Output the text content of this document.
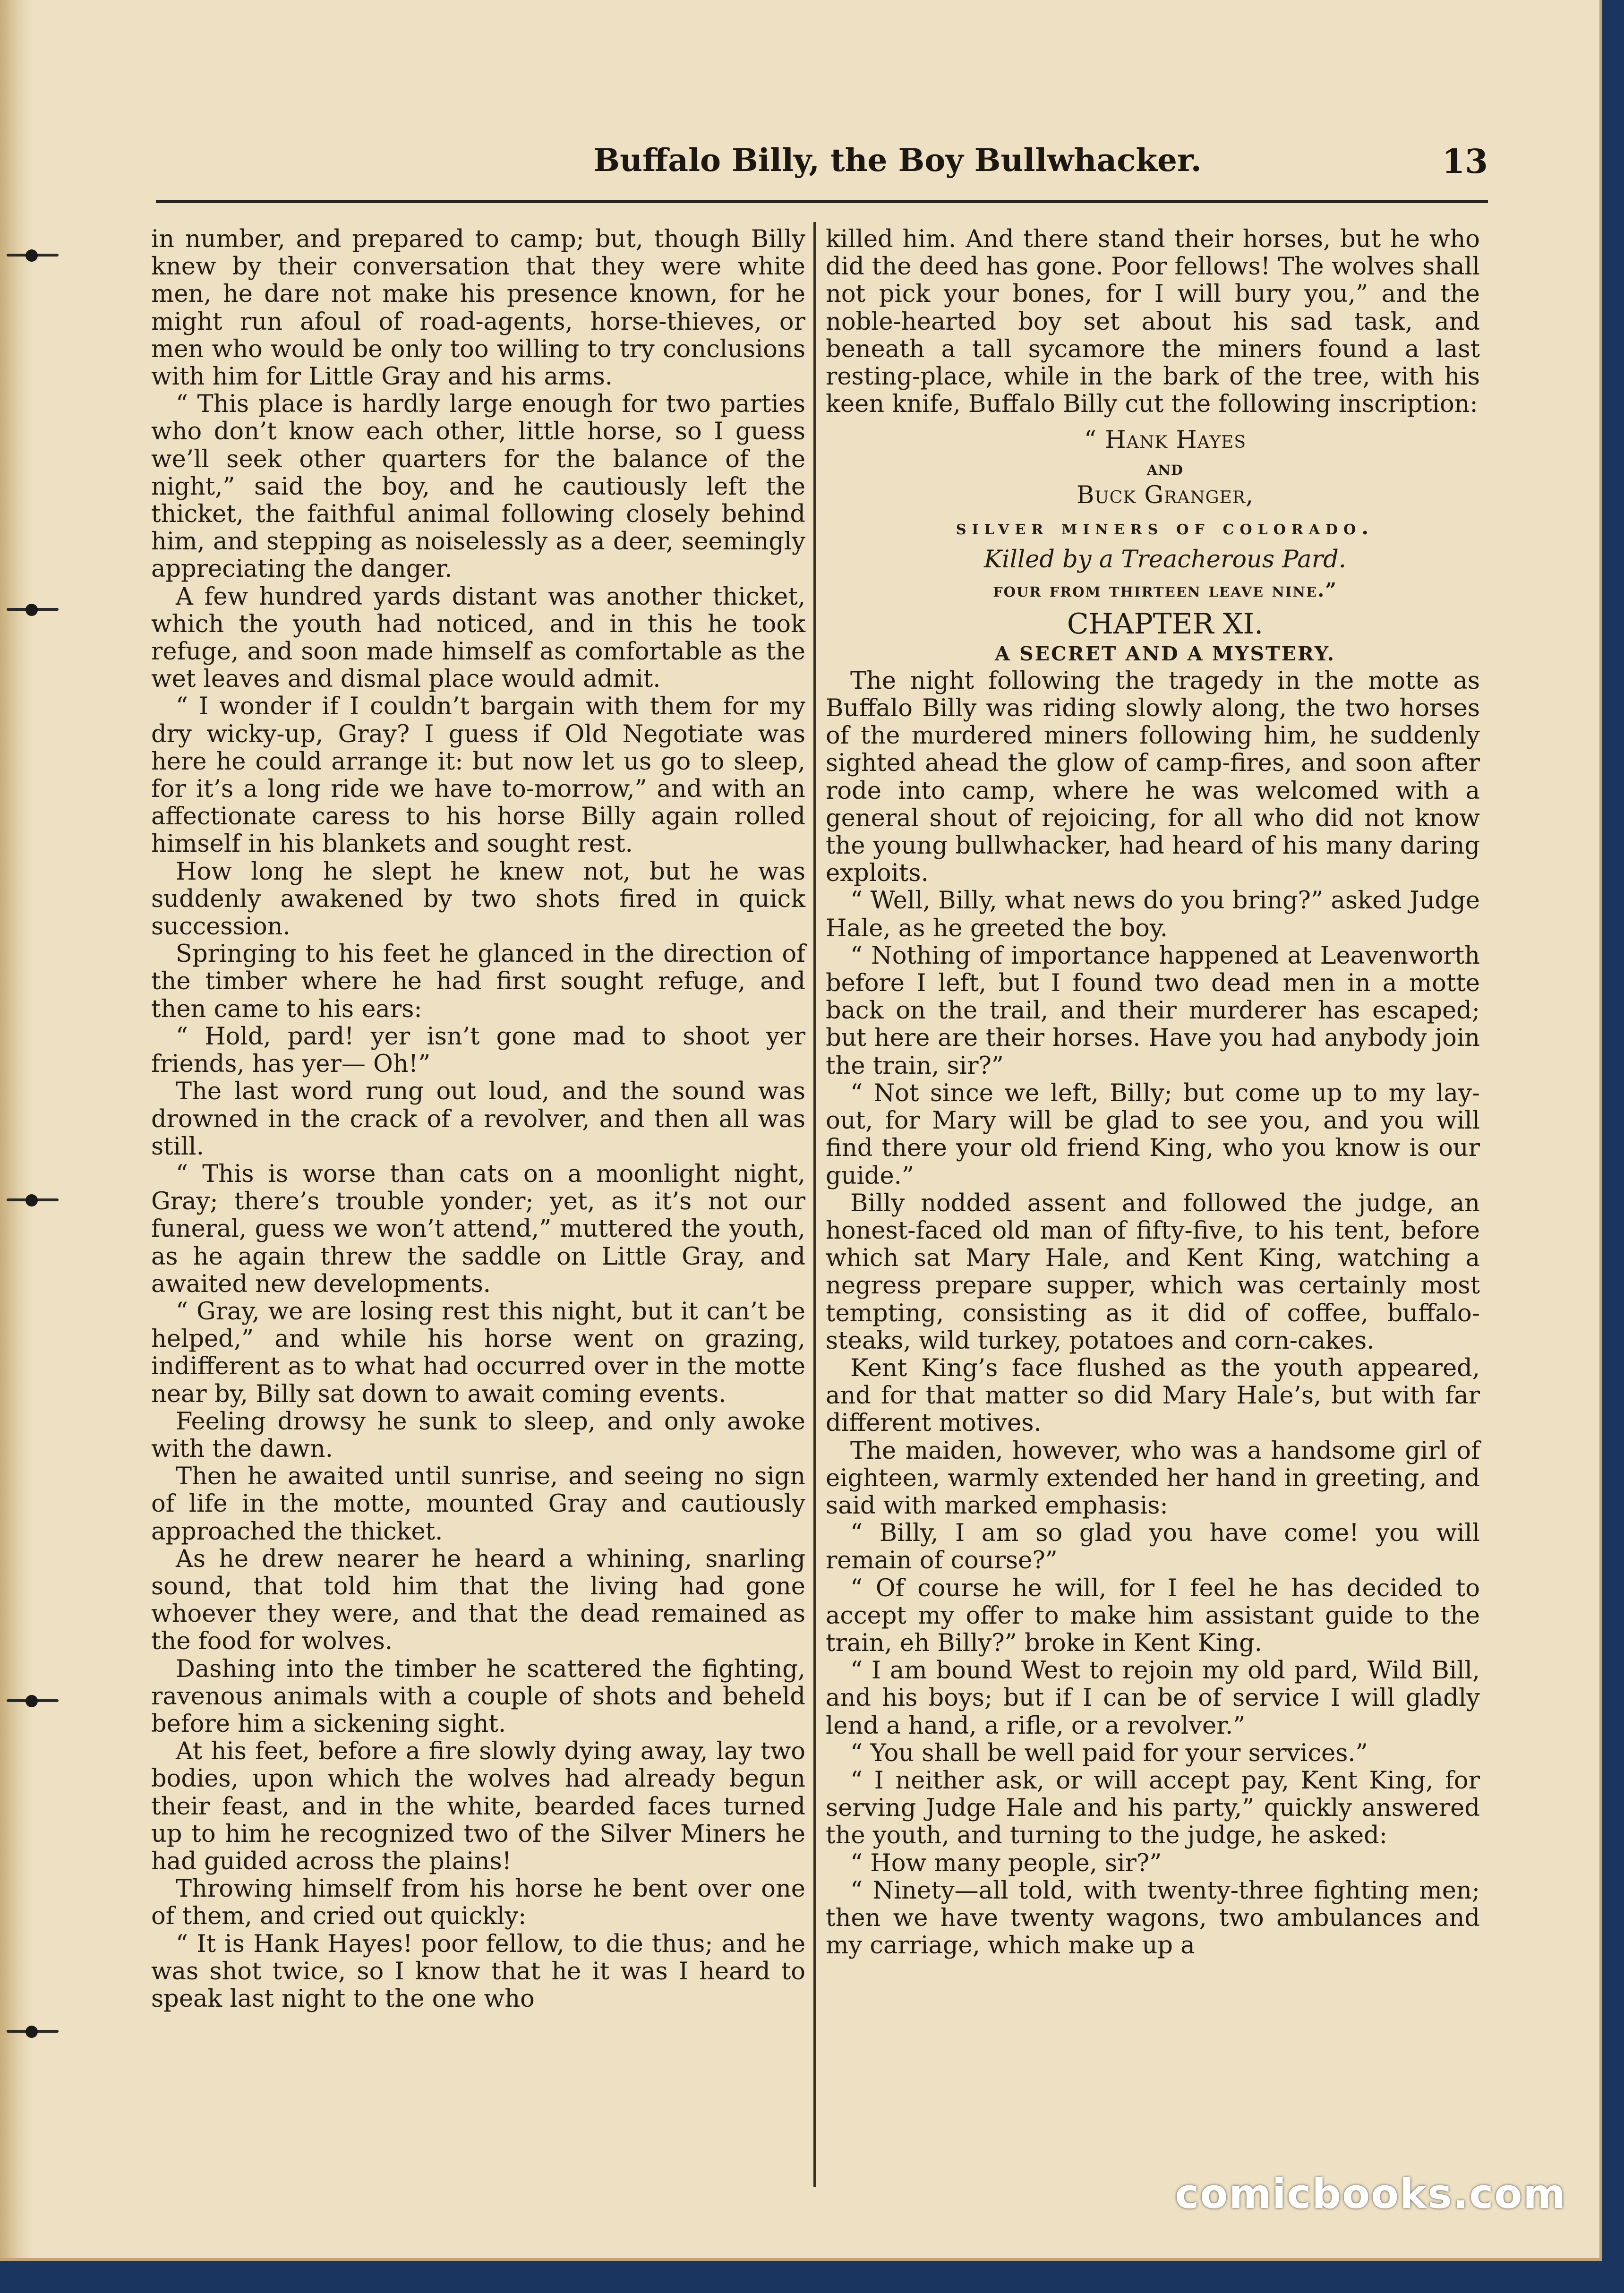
Buffalo Billy, the Boy Bullwhacker.	13

in number, and prepared to camp; but, though Billy knew by their conversation that they were white men, he dare not make his presence known, for he might run afoul of road-agents, horse-thieves, or men who would be only too willing to try conclusions with him for Little Gray and his arms.

“ This place is hardly large enough for two parties who don’t know each other, little horse, so I guess we’ll seek other quarters for the balance of the night,” said the boy, and he cautiously left the thicket, the faithful animal following closely behind him, and stepping as noiselessly as a deer, seemingly appreciating the danger.

A few hundred yards distant was another thicket, which the youth had noticed, and in this he took refuge, and soon made himself as comfortable as the wet leaves and dismal place would admit.

“ I wonder if I couldn’t bargain with them for my dry wicky-up, Gray? I guess if Old Negotiate was here he could arrange it: but now let us go to sleep, for it’s a long ride we have to-morrow,” and with an affectionate caress to his horse Billy again rolled himself in his blankets and sought rest.

How long he slept he knew not, but he was suddenly awakened by two shots fired in quick succession.

Springing to his feet he glanced in the direction of the timber where he had first sought refuge, and then came to his ears:

“ Hold, pard! yer isn’t gone mad to shoot yer friends, has yer— Oh!”

The last word rung out loud, and the sound was drowned in the crack of a revolver, and then all was still.

“ This is worse than cats on a moonlight night, Gray; there’s trouble yonder; yet, as it’s not our funeral, guess we won’t attend,” muttered the youth, as he again threw the saddle on Little Gray, and awaited new developments.

“ Gray, we are losing rest this night, but it can’t be helped,” and while his horse went on grazing, indifferent as to what had occurred over in the motte near by, Billy sat down to await coming events.

Feeling drowsy he sunk to sleep, and only awoke with the dawn.

Then he awaited until sunrise, and seeing no sign of life in the motte, mounted Gray and cautiously approached the thicket.

As he drew nearer he heard a whining, snarling sound, that told him that the living had gone whoever they were, and that the dead remained as the food for wolves.

Dashing into the timber he scattered the fighting, ravenous animals with a couple of shots and beheld before him a sickening sight.

At his feet, before a fire slowly dying away, lay two bodies, upon which the wolves had already begun their feast, and in the white, bearded faces turned up to him he recognized two of the Silver Miners he had guided across the plains!

Throwing himself from his horse he bent over one of them, and cried out quickly:

“ It is Hank Hayes! poor fellow, to die thus; and he was shot twice, so I know that he it was I heard to speak last night to the one who

killed him. And there stand their horses, but he who did the deed has gone. Poor fellows! The wolves shall not pick your bones, for I will bury you,” and the noble-hearted boy set about his sad task, and beneath a tall sycamore the miners found a last resting-place, while in the bark of the tree, with his keen knife, Buffalo Billy cut the following inscription:

“ Hank Hayes

and

Buck Granger,

silver miners of colorado.

Killed by a Treacherous Pard.

four from thirteen leave nine.”

CHAPTER XI.

A SECRET AND A MYSTERY.

The night following the tragedy in the motte as Buffalo Billy was riding slowly along, the two horses of the murdered miners following him, he suddenly sighted ahead the glow of camp-fires, and soon after rode into camp, where he was welcomed with a general shout of rejoicing, for all who did not know the young bullwhacker, had heard of his many daring exploits.

“ Well, Billy, what news do you bring?” asked Judge Hale, as he greeted the boy.

“ Nothing of importance happened at Leavenworth before I left, but I found two dead men in a motte back on the trail, and their murderer has escaped; but here are their horses. Have you had anybody join the train, sir?”

“ Not since we left, Billy; but come up to my lay-out, for Mary will be glad to see you, and you will find there your old friend King, who you know is our guide.”

Billy nodded assent and followed the judge, an honest-faced old man of fifty-five, to his tent, before which sat Mary Hale, and Kent King, watching a negress prepare supper, which was certainly most tempting, consisting as it did of coffee, buffalo-steaks, wild turkey, potatoes and corn-cakes.

Kent King’s face flushed as the youth appeared, and for that matter so did Mary Hale’s, but with far different motives.

The maiden, however, who was a handsome girl of eighteen, warmly extended her hand in greeting, and said with marked emphasis:

“ Billy, I am so glad you have come! you will remain of course?”

“ Of course he will, for I feel he has decided to accept my offer to make him assistant guide to the train, eh Billy?” broke in Kent King.

“ I am bound West to rejoin my old pard, Wild Bill, and his boys; but if I can be of service I will gladly lend a hand, a rifle, or a revolver.”

“ You shall be well paid for your services.”

“ I neither ask, or will accept pay, Kent King, for serving Judge Hale and his party,” quickly answered the youth, and turning to the judge, he asked:

“ How many people, sir?”

“ Ninety—all told, with twenty-three fighting men; then we have twenty wagons, two ambulances and my carriage, which make up a

comicbooks.com
